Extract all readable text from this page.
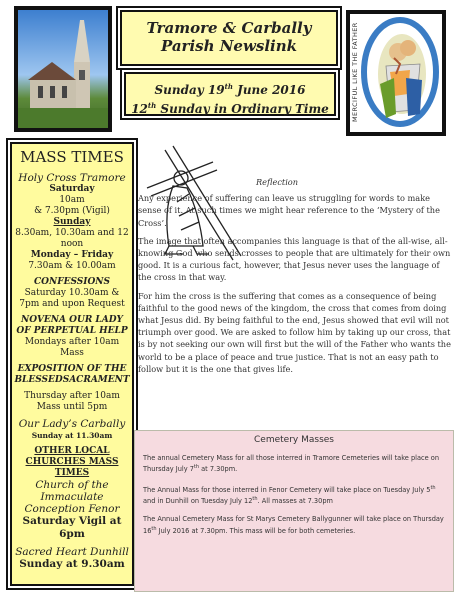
Tramore & Carbally
Parish Newslink
Sunday 19th June 2016
12th Sunday in Ordinary Time	MERCIFUL LIKE THE FATHER
MASS TIMES
Holy Cross Tramore
Saturday
10am
& 7.30pm (Vigil)
Sunday
8.30am, 10.30am and 12 noon
Monday – Friday
7.30am & 10.00am
CONFESSIONS
Saturday 10.30am & 7pm and upon Request
NOVENA OUR LADY OF PERPETUAL HELP
Mondays after 10am Mass
EXPOSITION OF THE BLESSEDSACRAMENT
Thursday after 10am Mass until 5pm
Our Lady’s Carbally
Sunday at 11.30am
OTHER LOCAL CHURCHES MASS TIMES
Church of the Immaculate Conception Fenor
Saturday Vigil at 6pm
Sacred Heart Dunhill
Sunday at 9.30am
Reflection

Any experience of suffering can leave us struggling for words to make sense of it. At such times we might hear reference to the ‘Mystery of the Cross’.

The image that often accompanies this language is that of the all-wise, all-knowing God who sends crosses to people that are ultimately for their own good. It is a curious fact, however, that Jesus never uses the language of the cross in that way.

For him the cross is the suffering that comes as a consequence of being faithful to the good news of the kingdom, the cross that comes from doing what Jesus did. By being faithful to the end, Jesus showed that evil will not triumph over good. We are asked to follow him by taking up our cross, that is by not seeking our own will first but the will of the Father who wants the world to be a place of peace and true justice. That is not an easy path to follow but it is the one that gives life.

Cemetery Masses

The annual Cemetery Mass for all those interred in Tramore Cemeteries will take place on Thursday July 7th at 7.30pm.

The Annual Mass for those interred in Fenor Cemetery will take place on Tuesday July 5th and in Dunhill on Tuesday July 12th. All masses at 7.30pm

The Annual Cemetery Mass for St Marys Cemetery Ballygunner will take place on Thursday 16th July 2016 at 7.30pm. This mass will be for both cemeteries.
